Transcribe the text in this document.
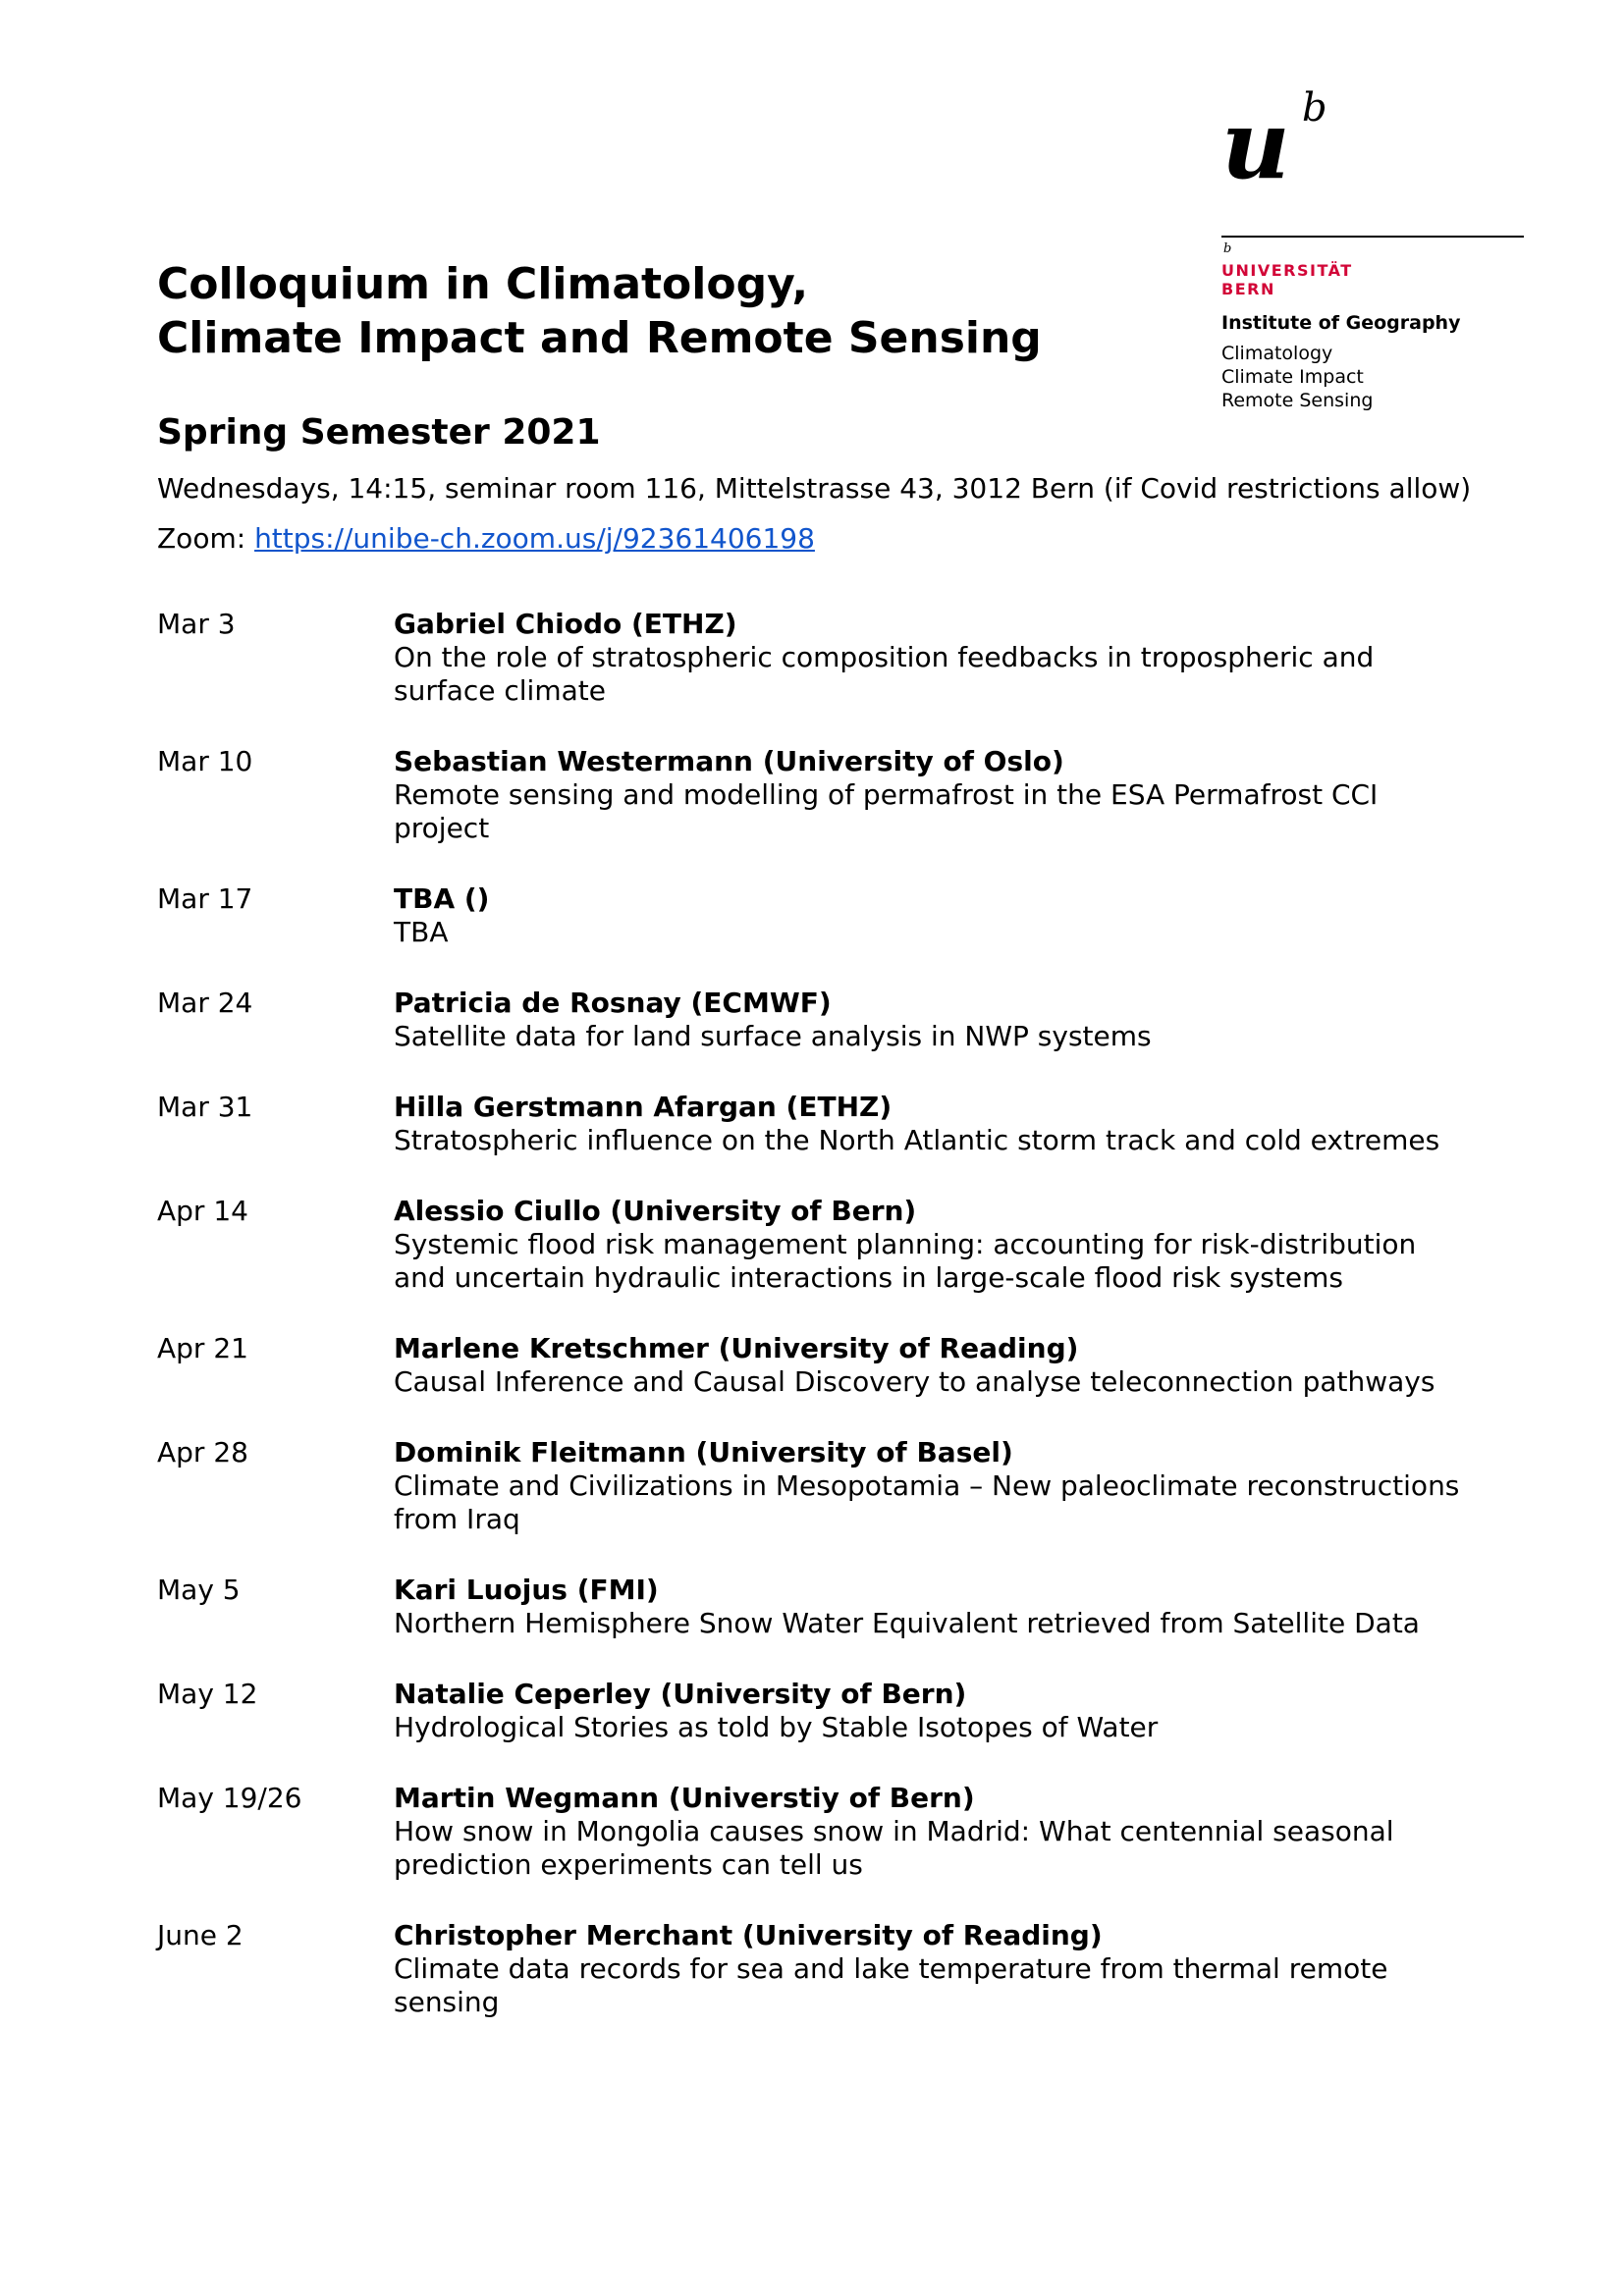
u b
b
UNIVERSITÄT
BERN
Institute of Geography
Climatology
Climate Impact
Remote Sensing
Colloquium in Climatology,
Climate Impact and Remote Sensing
Spring Semester 2021
Wednesdays, 14:15, seminar room 116, Mittelstrasse 43, 3012 Bern (if Covid restrictions allow)
Zoom: https://unibe-ch.zoom.us/j/92361406198
Mar 3	Gabriel Chiodo (ETHZ)
On the role of stratospheric composition feedbacks in tropospheric and surface climate
Mar 10	Sebastian Westermann (University of Oslo)
Remote sensing and modelling of permafrost in the ESA Permafrost CCI project
Mar 17	TBA ()
TBA
Mar 24	Patricia de Rosnay (ECMWF)
Satellite data for land surface analysis in NWP systems
Mar 31	Hilla Gerstmann Afargan (ETHZ)
Stratospheric influence on the North Atlantic storm track and cold extremes
Apr 14	Alessio Ciullo (University of Bern)
Systemic flood risk management planning: accounting for risk-distribution and uncertain hydraulic interactions in large-scale flood risk systems
Apr 21	Marlene Kretschmer (University of Reading)
Causal Inference and Causal Discovery to analyse teleconnection pathways
Apr 28	Dominik Fleitmann (University of Basel)
Climate and Civilizations in Mesopotamia – New paleoclimate reconstructions from Iraq
May 5	Kari Luojus (FMI)
Northern Hemisphere Snow Water Equivalent retrieved from Satellite Data
May 12	Natalie Ceperley (University of Bern)
Hydrological Stories as told by Stable Isotopes of Water
May 19/26	Martin Wegmann (Universtiy of Bern)
How snow in Mongolia causes snow in Madrid: What centennial seasonal prediction experiments can tell us
June 2	Christopher Merchant (University of Reading)
Climate data records for sea and lake temperature from thermal remote sensing
